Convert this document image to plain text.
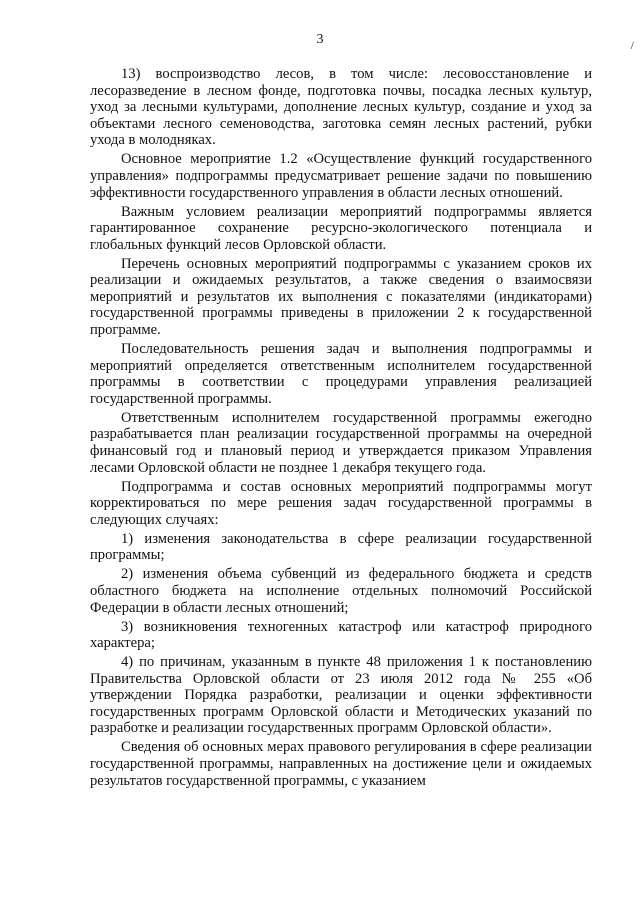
3	/

13) воспроизводство лесов, в том числе: лесовосстановление и лесоразведение в лесном фонде, подготовка почвы, посадка лесных культур, уход за лесными культурами, дополнение лесных культур, создание и уход за объектами лесного семеноводства, заготовка семян лесных растений, рубки ухода в молодняках.

Основное мероприятие 1.2 «Осуществление функций государственного управления» подпрограммы предусматривает решение задачи по повышению эффективности государственного управления в области лесных отношений.

Важным условием реализации мероприятий подпрограммы является гарантированное сохранение ресурсно-экологического потенциала и глобальных функций лесов Орловской области.

Перечень основных мероприятий подпрограммы с указанием сроков их реализации и ожидаемых результатов, а также сведения о взаимосвязи мероприятий и результатов их выполнения с показателями (индикаторами) государственной программы приведены в приложении 2 к государственной программе.

Последовательность решения задач и выполнения подпрограммы и мероприятий определяется ответственным исполнителем государственной программы в соответствии с процедурами управления реализацией государственной программы.

Ответственным исполнителем государственной программы ежегодно разрабатывается план реализации государственной программы на очередной финансовый год и плановый период и утверждается приказом Управления лесами Орловской области не позднее 1 декабря текущего года.

Подпрограмма и состав основных мероприятий подпрограммы могут корректироваться по мере решения задач государственной программы в следующих случаях:

1) изменения законодательства в сфере реализации государственной программы;

2) изменения объема субвенций из федерального бюджета и средств областного бюджета на исполнение отдельных полномочий Российской Федерации в области лесных отношений;

3) возникновения техногенных катастроф или катастроф природного характера;

4) по причинам, указанным в пункте 48 приложения 1 к постановлению Правительства Орловской области от 23 июля 2012 года № 255 «Об утверждении Порядка разработки, реализации и оценки эффективности государственных программ Орловской области и Методических указаний по разработке и реализации государственных программ Орловской области».

Сведения об основных мерах правового регулирования в сфере реализации государственной программы, направленных на достижение цели и ожидаемых результатов государственной программы, с указанием
